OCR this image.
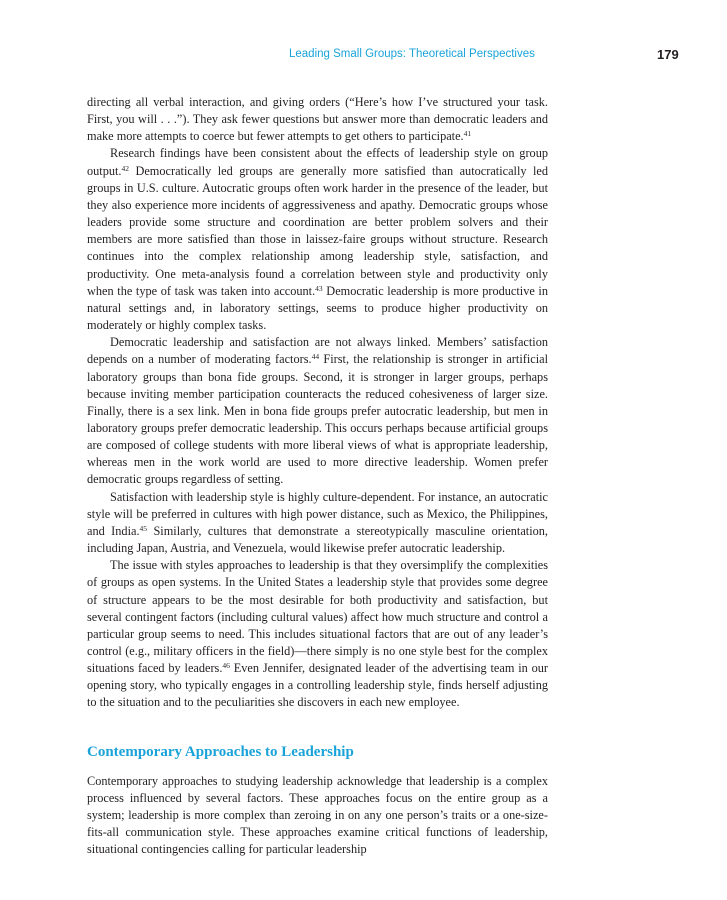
Leading Small Groups: Theoretical Perspectives	179

directing all verbal interaction, and giving orders (“Here’s how I’ve structured your task. First, you will . . .”). They ask fewer questions but answer more than democratic leaders and make more attempts to coerce but fewer attempts to get others to participate.$^{41}$

Research findings have been consistent about the effects of leadership style on group output.$^{42}$ Democratically led groups are generally more satisfied than autocratically led groups in U.S. culture. Autocratic groups often work harder in the presence of the leader, but they also experience more incidents of aggressiveness and apathy. Democratic groups whose leaders provide some structure and coordination are better problem solvers and their members are more satisfied than those in laissez-faire groups without structure. Research continues into the complex relationship among leadership style, satisfaction, and productivity. One meta-analysis found a correlation between style and productivity only when the type of task was taken into account.$^{43}$ Democratic leadership is more productive in natural settings and, in laboratory settings, seems to produce higher productivity on moderately or highly complex tasks.

Democratic leadership and satisfaction are not always linked. Members’ satisfaction depends on a number of moderating factors.$^{44}$ First, the relationship is stronger in artificial laboratory groups than bona fide groups. Second, it is stronger in larger groups, perhaps because inviting member participation counteracts the reduced cohesiveness of larger size. Finally, there is a sex link. Men in bona fide groups prefer autocratic leadership, but men in laboratory groups prefer democratic leadership. This occurs perhaps because artificial groups are composed of college students with more liberal views of what is appropriate leadership, whereas men in the work world are used to more directive leadership. Women prefer democratic groups regardless of setting.

Satisfaction with leadership style is highly culture-dependent. For instance, an autocratic style will be preferred in cultures with high power distance, such as Mexico, the Philippines, and India.$^{45}$ Similarly, cultures that demonstrate a stereotypically masculine orientation, including Japan, Austria, and Venezuela, would likewise prefer autocratic leadership.

The issue with styles approaches to leadership is that they oversimplify the complexities of groups as open systems. In the United States a leadership style that provides some degree of structure appears to be the most desirable for both productivity and satisfaction, but several contingent factors (including cultural values) affect how much structure and control a particular group seems to need. This includes situational factors that are out of any leader’s control (e.g., military officers in the field)—there simply is no one style best for the complex situations faced by leaders.$^{46}$ Even Jennifer, designated leader of the advertising team in our opening story, who typically engages in a controlling leadership style, finds herself adjusting to the situation and to the peculiarities she discovers in each new employee.

Contemporary Approaches to Leadership

Contemporary approaches to studying leadership acknowledge that leadership is a complex process influenced by several factors. These approaches focus on the entire group as a system; leadership is more complex than zeroing in on any one person’s traits or a one-size-fits-all communication style. These approaches examine critical functions of leadership, situational contingencies calling for particular leadership
